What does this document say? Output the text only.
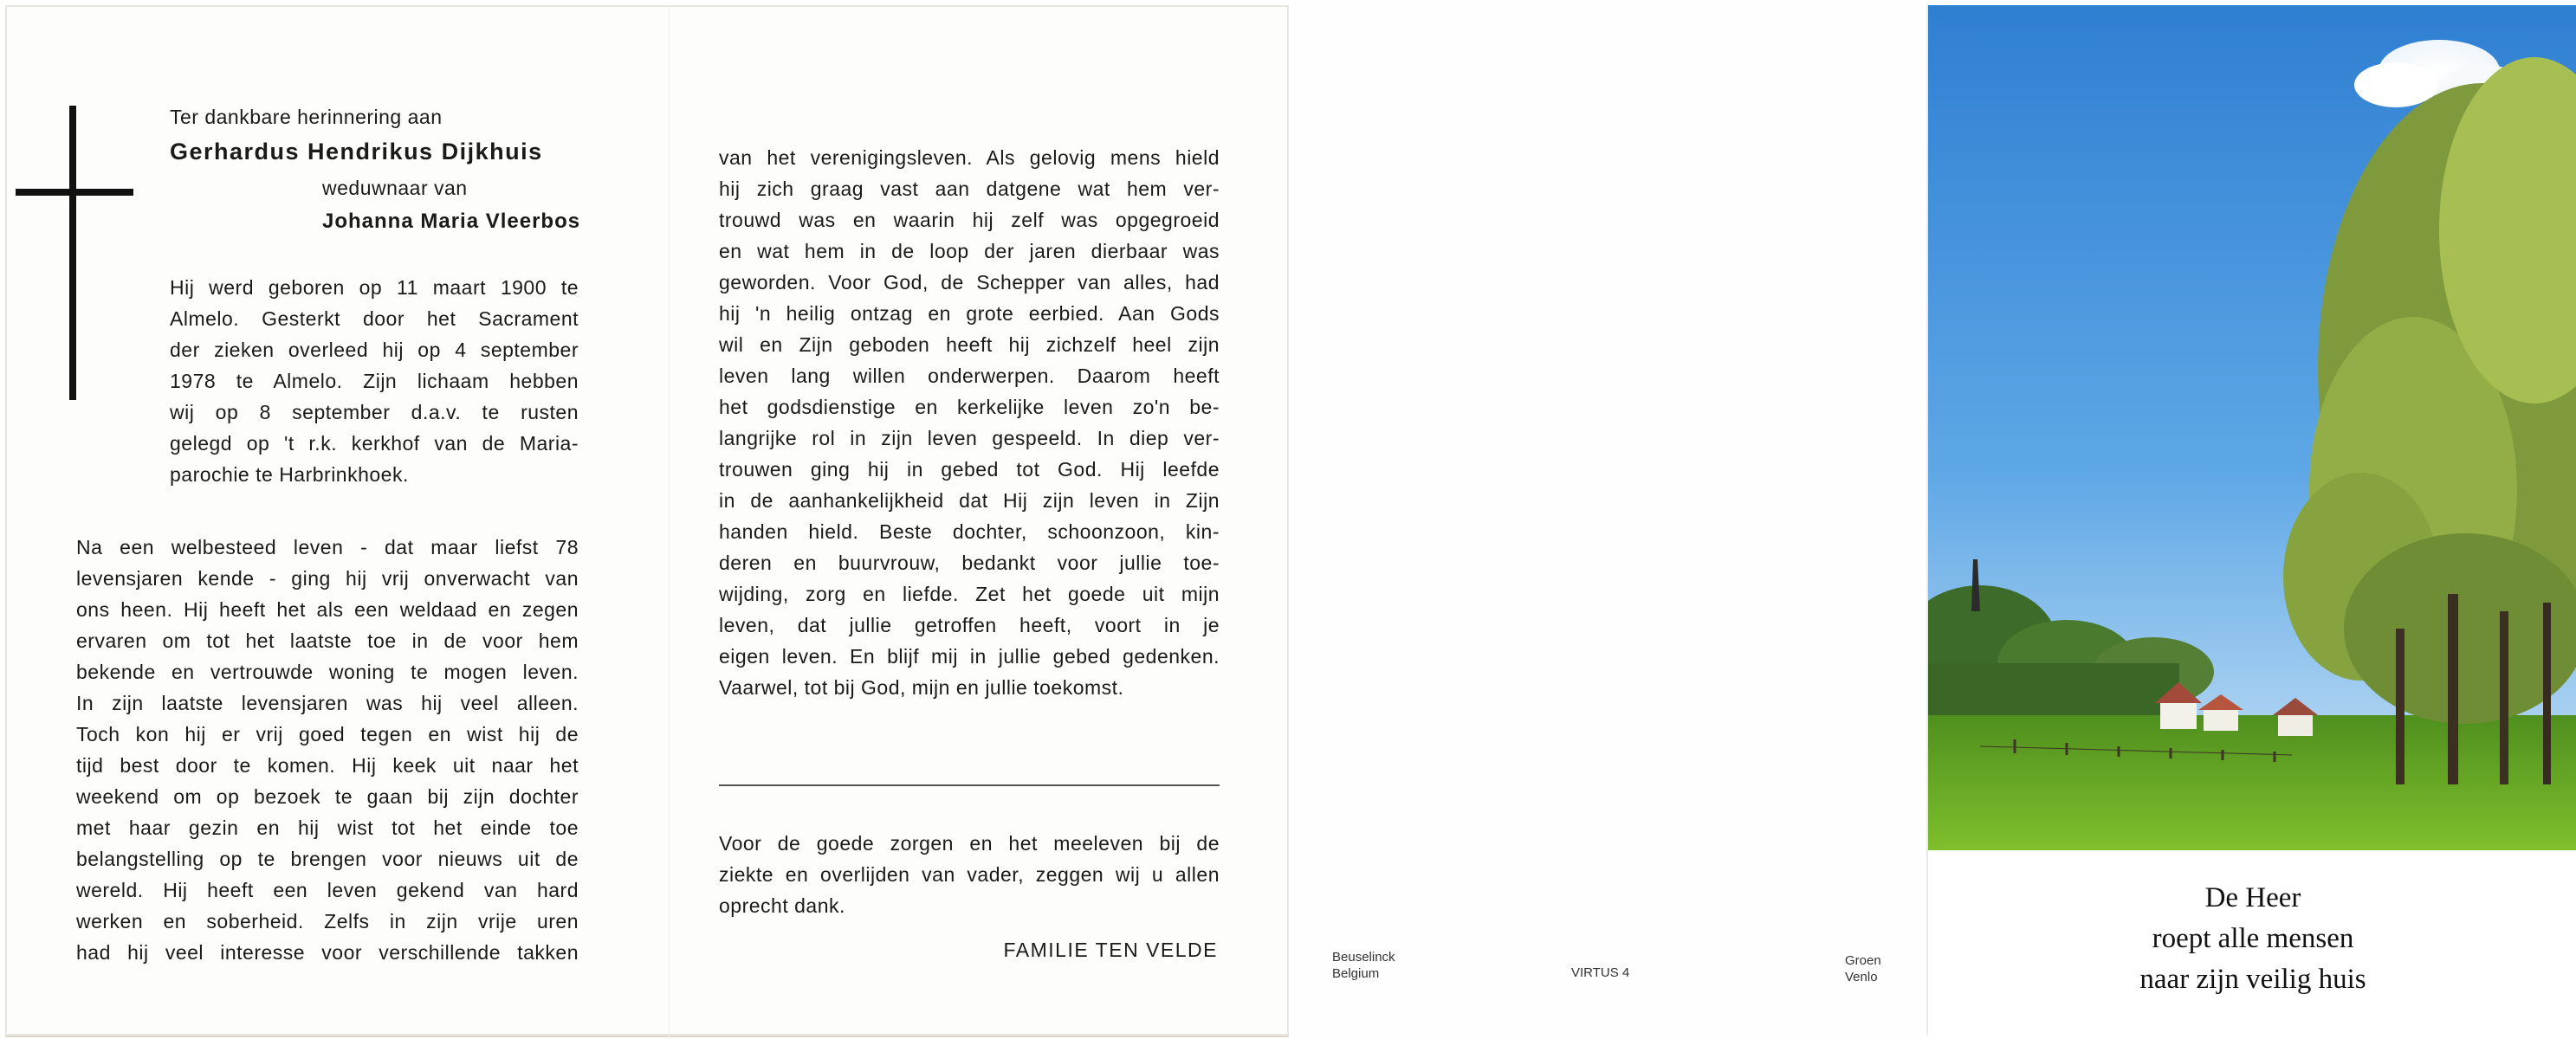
Ter dankbare herinnering aan
Gerhardus Hendrikus Dijkhuis
weduwnaar van
Johanna Maria Vleerbos
Hij werd geboren op 11 maart 1900 te
Almelo. Gesterkt door het Sacrament
der zieken overleed hij op 4 september
1978 te Almelo. Zijn lichaam hebben
wij op 8 september d.a.v. te rusten
gelegd op 't r.k. kerkhof van de Maria-
parochie te Harbrinkhoek.
Na een welbesteed leven - dat maar liefst 78
levensjaren kende - ging hij vrij onverwacht van
ons heen. Hij heeft het als een weldaad en zegen
ervaren om tot het laatste toe in de voor hem
bekende en vertrouwde woning te mogen leven.
In zijn laatste levensjaren was hij veel alleen.
Toch kon hij er vrij goed tegen en wist hij de
tijd best door te komen. Hij keek uit naar het
weekend om op bezoek te gaan bij zijn dochter
met haar gezin en hij wist tot het einde toe
belangstelling op te brengen voor nieuws uit de
wereld. Hij heeft een leven gekend van hard
werken en soberheid. Zelfs in zijn vrije uren
had hij veel interesse voor verschillende takken
van het verenigingsleven. Als gelovig mens hield
hij zich graag vast aan datgene wat hem ver-
trouwd was en waarin hij zelf was opgegroeid
en wat hem in de loop der jaren dierbaar was
geworden. Voor God, de Schepper van alles, had
hij 'n heilig ontzag en grote eerbied. Aan Gods
wil en Zijn geboden heeft hij zichzelf heel zijn
leven lang willen onderwerpen. Daarom heeft
het godsdienstige en kerkelijke leven zo'n be-
langrijke rol in zijn leven gespeeld. In diep ver-
trouwen ging hij in gebed tot God. Hij leefde
in de aanhankelijkheid dat Hij zijn leven in Zijn
handen hield. Beste dochter, schoonzoon, kin-
deren en buurvrouw, bedankt voor jullie toe-
wijding, zorg en liefde. Zet het goede uit mijn
leven, dat jullie getroffen heeft, voort in je
eigen leven. En blijf mij in jullie gebed gedenken.
Vaarwel, tot bij God, mijn en jullie toekomst.
Voor de goede zorgen en het meeleven bij de
ziekte en overlijden van vader, zeggen wij u allen
oprecht dank.
FAMILIE TEN VELDE	Beuselinck
Belgium	VIRTUS 4
Groen
Venlo
De Heer
roept alle mensen
naar zijn veilig huis
